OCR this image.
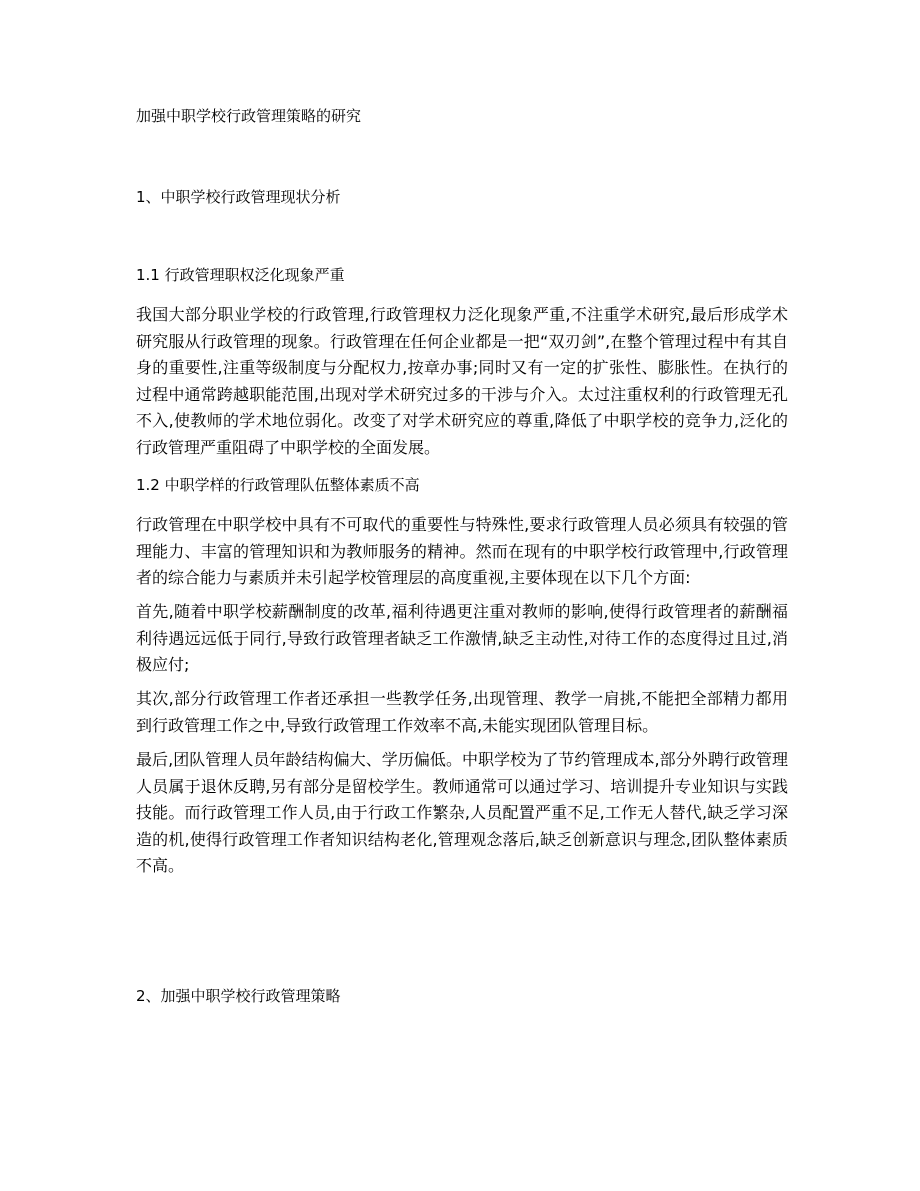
加强中职学校行政管理策略的研究
1、中职学校行政管理现状分析
1.1 行政管理职权泛化现象严重
我国大部分职业学校的行政管理,行政管理权力泛化现象严重,不注重学术研究,最后形成学术研究服从行政管理的现象。行政管理在任何企业都是一把“双刃剑”,在整个管理过程中有其自身的重要性,注重等级制度与分配权力,按章办事;同时又有一定的扩张性、膨胀性。在执行的过程中通常跨越职能范围,出现对学术研究过多的干涉与介入。太过注重权利的行政管理无孔不入,使教师的学术地位弱化。改变了对学术研究应的尊重,降低了中职学校的竞争力,泛化的行政管理严重阻碍了中职学校的全面发展。
1.2 中职学样的行政管理队伍整体素质不高
行政管理在中职学校中具有不可取代的重要性与特殊性,要求行政管理人员必须具有较强的管理能力、丰富的管理知识和为教师服务的精神。然而在现有的中职学校行政管理中,行政管理者的综合能力与素质并未引起学校管理层的高度重视,主要体现在以下几个方面:
首先,随着中职学校薪酬制度的改革,福利待遇更注重对教师的影响,使得行政管理者的薪酬福利待遇远远低于同行,导致行政管理者缺乏工作激情,缺乏主动性,对待工作的态度得过且过,消极应付;
其次,部分行政管理工作者还承担一些教学任务,出现管理、教学一肩挑,不能把全部精力都用到行政管理工作之中,导致行政管理工作效率不高,未能实现团队管理目标。
最后,团队管理人员年龄结构偏大、学历偏低。中职学校为了节约管理成本,部分外聘行政管理人员属于退休反聘,另有部分是留校学生。教师通常可以通过学习、培训提升专业知识与实践技能。而行政管理工作人员,由于行政工作繁杂,人员配置严重不足,工作无人替代,缺乏学习深造的机,使得行政管理工作者知识结构老化,管理观念落后,缺乏创新意识与理念,团队整体素质不高。
2、加强中职学校行政管理策略
